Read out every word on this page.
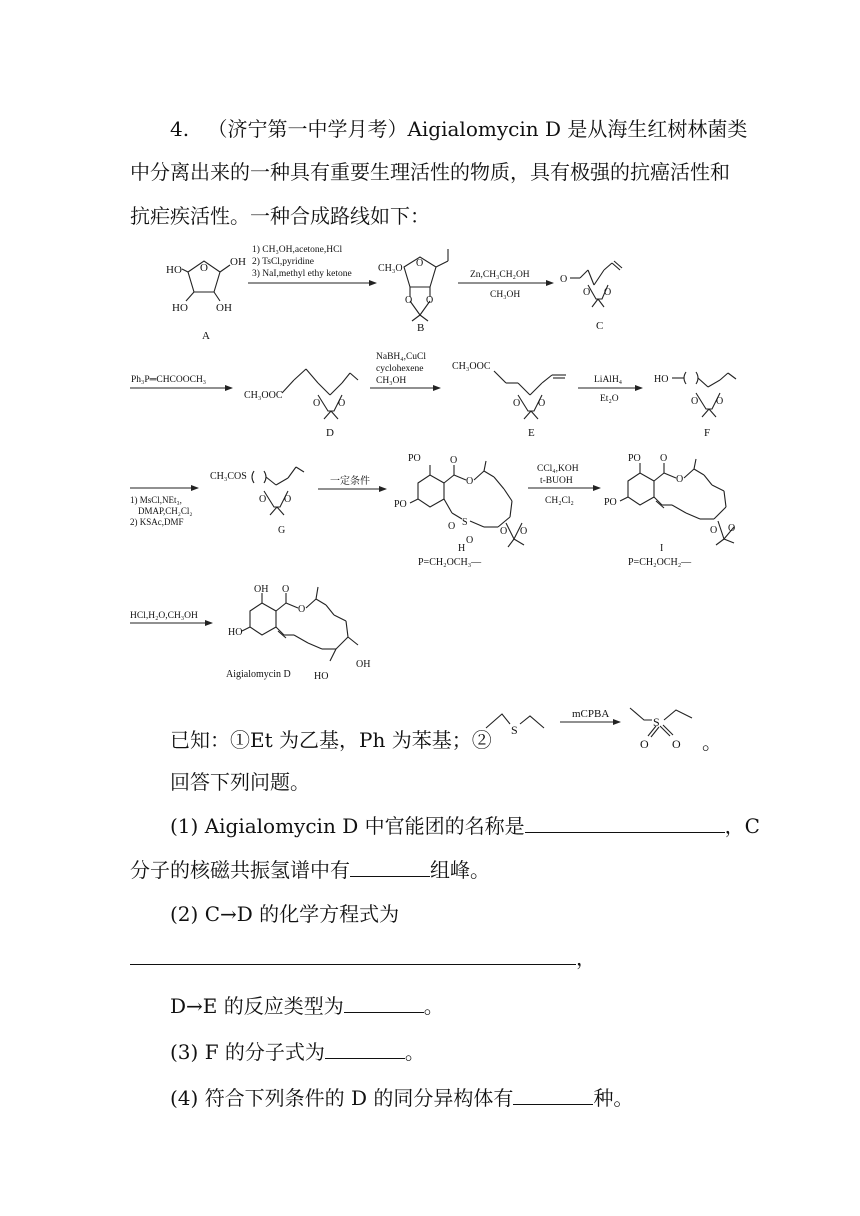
4. （济宁第一中学月考）Aigialomycin D 是从海生红树林菌类
中分离出来的一种具有重要生理活性的物质，具有极强的抗癌活性和
抗疟疾活性。一种合成路线如下：
HO O OH
HO	OH
A
1) CH₃OH,acetone,HCl
2) TsCl,pyridine
3) NaI,methyl ethy ketone	CH₃O O
O O
B
Zn,CH₃CH₂OH
CH₃OH
O
O O
C
Ph₃P═CHCOOCH₃
CH₃OOC
O O
D
NaBH₄,CuCl
cyclohexene
CH₃OH
CH₃OOC
O O
E
LiAlH₄
Et₂O
HO
O O
F
1) MsCl,NEt₃,
DMAP,CH₂Cl₂
2) KSAc,DMF
CH₃COS
O O
G
一定条件
PO	O
PO
O
S
O
O
O O
H
P=CH₂OCH₃—
CCl₄,KOH
t-BUOH
CH₂Cl₂
PO O
PO
O
O O
I
P=CH₂OCH₂—
HCl,H₂O,CH₃OH
OH O
HO
O
OH
HO
Aigialomycin D
已知：①Et 为乙基，Ph 为苯基；② S
mCPBA
S
O O 。
回答下列问题。
(1) Aigialomycin D 中官能团的名称是	，C
分子的核磁共振氢谱中有	组峰。
(2) C→D 的化学方程式为
，
D→E 的反应类型为	。
(3) F 的分子式为	。
(4) 符合下列条件的 D 的同分异构体有	种。
